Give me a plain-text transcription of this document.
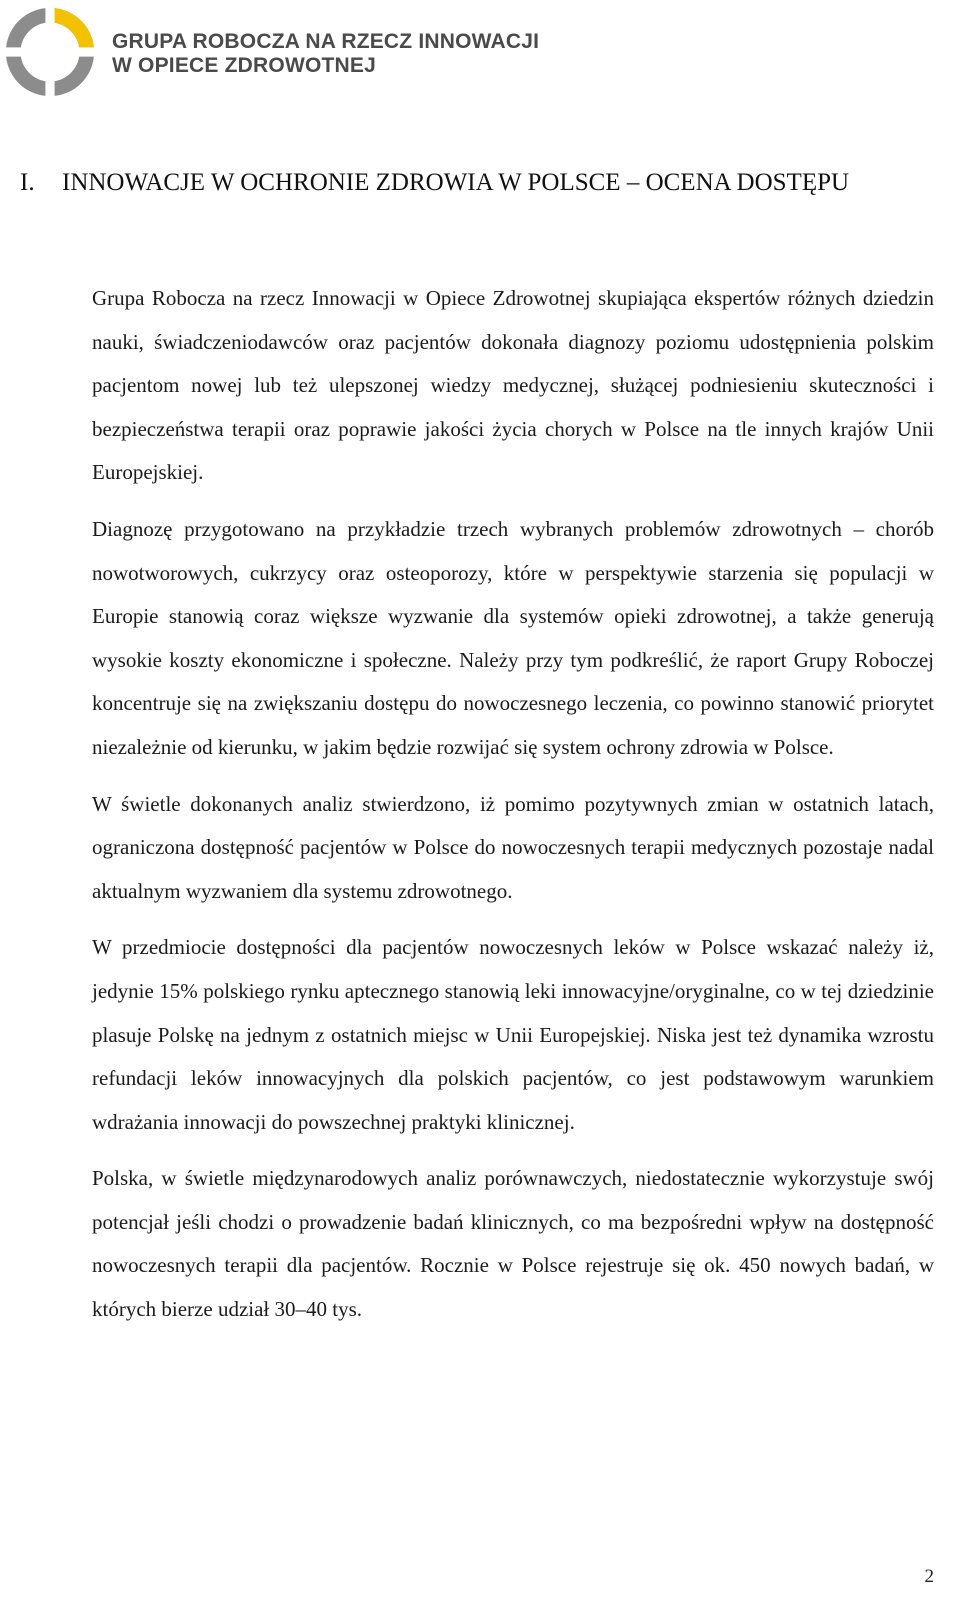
GRUPA ROBOCZA NA RZECZ INNOWACJI
W OPIECE ZDROWOTNEJ
I. INNOWACJE W OCHRONIE ZDROWIA W POLSCE – OCENA DOSTĘPU

Grupa Robocza na rzecz Innowacji w Opiece Zdrowotnej skupiająca ekspertów różnych dziedzin nauki, świadczeniodawców oraz pacjentów dokonała diagnozy poziomu udostępnienia polskim pacjentom nowej lub też ulepszonej wiedzy medycznej, służącej podniesieniu skuteczności i bezpieczeństwa terapii oraz poprawie jakości życia chorych w Polsce na tle innych krajów Unii Europejskiej.

Diagnozę przygotowano na przykładzie trzech wybranych problemów zdrowotnych – chorób nowotworowych, cukrzycy oraz osteoporozy, które w perspektywie starzenia się populacji w Europie stanowią coraz większe wyzwanie dla systemów opieki zdrowotnej, a także generują wysokie koszty ekonomiczne i społeczne. Należy przy tym podkreślić, że raport Grupy Roboczej koncentruje się na zwiększaniu dostępu do nowoczesnego leczenia, co powinno stanowić priorytet niezależnie od kierunku, w jakim będzie rozwijać się system ochrony zdrowia w Polsce.

W świetle dokonanych analiz stwierdzono, iż pomimo pozytywnych zmian w ostatnich latach, ograniczona dostępność pacjentów w Polsce do nowoczesnych terapii medycznych pozostaje nadal aktualnym wyzwaniem dla systemu zdrowotnego.

W przedmiocie dostępności dla pacjentów nowoczesnych leków w Polsce wskazać należy iż, jedynie 15% polskiego rynku aptecznego stanowią leki innowacyjne/oryginalne, co w tej dziedzinie plasuje Polskę na jednym z ostatnich miejsc w Unii Europejskiej. Niska jest też dynamika wzrostu refundacji leków innowacyjnych dla polskich pacjentów, co jest podstawowym warunkiem wdrażania innowacji do powszechnej praktyki klinicznej.

Polska, w świetle międzynarodowych analiz porównawczych, niedostatecznie wykorzystuje swój potencjał jeśli chodzi o prowadzenie badań klinicznych, co ma bezpośredni wpływ na dostępność nowoczesnych terapii dla pacjentów. Rocznie w Polsce rejestruje się ok. 450 nowych badań, w których bierze udział 30–40 tys.

2
